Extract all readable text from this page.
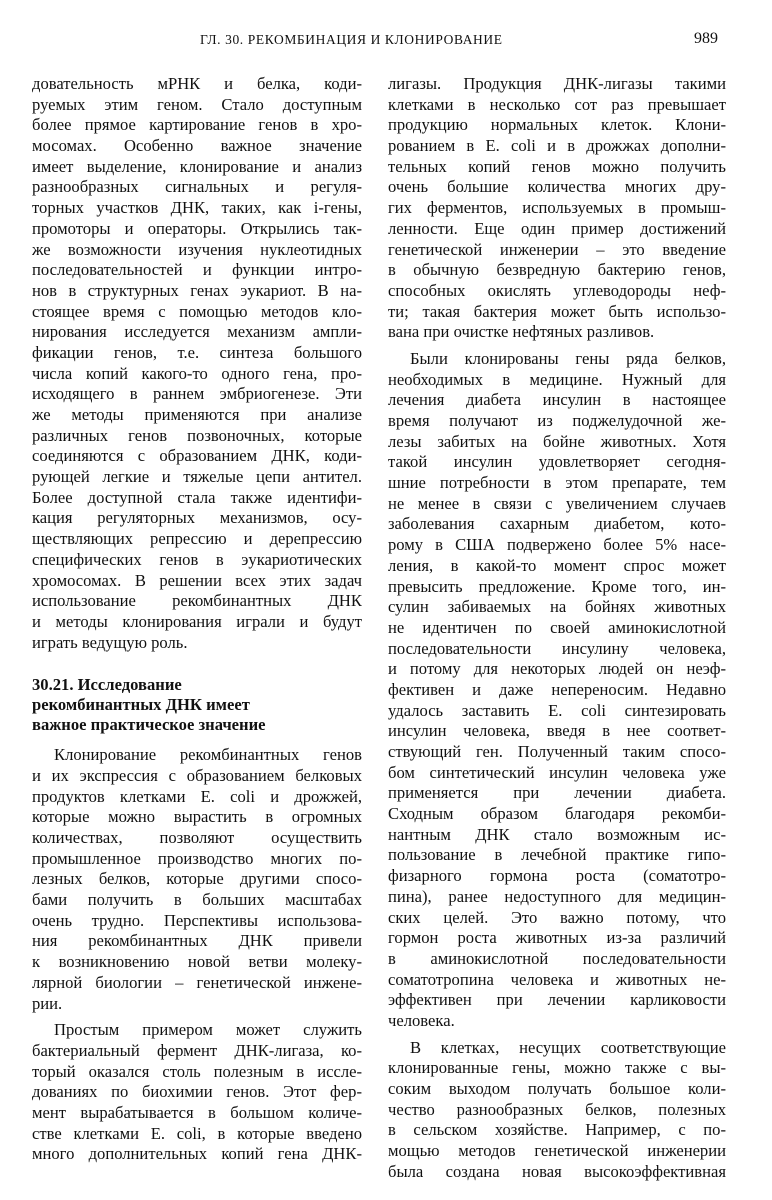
ГЛ. 30. РЕКОМБИНАЦИЯ И КЛОНИРОВАНИЕ	989
довательность мРНК и белка, коди-
руемых этим геном. Стало доступным
более прямое картирование генов в хро-
мосомах. Особенно важное значение
имеет выделение, клонирование и анализ
разнообразных сигнальных и регуля-
торных участков ДНК, таких, как i-гены,
промоторы и операторы. Открылись так-
же возможности изучения нуклеотидных
последовательностей и функции интро-
нов в структурных генах эукариот. В на-
стоящее время с помощью методов кло-
нирования исследуется механизм ампли-
фикации генов, т.е. синтеза большого
числа копий какого-то одного гена, про-
исходящего в раннем эмбриогенезе. Эти
же методы применяются при анализе
различных генов позвоночных, которые
соединяются с образованием ДНК, коди-
рующей легкие и тяжелые цепи антител.
Более доступной стала также идентифи-
кация регуляторных механизмов, осу-
ществляющих репрессию и дерепрессию
специфических генов в эукариотических
хромосомах. В решении всех этих задач
использование рекомбинантных ДНК
и методы клонирования играли и будут
играть ведущую роль.
30.21. Исследование
рекомбинантных ДНК имеет
важное практическое значение
Клонирование рекомбинантных генов
и их экспрессия с образованием белковых
продуктов клетками E. coli и дрожжей,
которые можно вырастить в огромных
количествах, позволяют осуществить
промышленное производство многих по-
лезных белков, которые другими спосо-
бами получить в больших масштабах
очень трудно. Перспективы использова-
ния рекомбинантных ДНК привели
к возникновению новой ветви молеку-
лярной биологии – генетической инжене-
рии.
Простым примером может служить
бактериальный фермент ДНК-лигаза, ко-
торый оказался столь полезным в иссле-
дованиях по биохимии генов. Этот фер-
мент вырабатывается в большом количе-
стве клетками E. coli, в которые введено
много дополнительных копий гена ДНК-
лигазы. Продукция ДНК-лигазы такими
клетками в несколько сот раз превышает
продукцию нормальных клеток. Клони-
рованием в E. coli и в дрожжах дополни-
тельных копий генов можно получить
очень большие количества многих дру-
гих ферментов, используемых в промыш-
ленности. Еще один пример достижений
генетической инженерии – это введение
в обычную безвредную бактерию генов,
способных окислять углеводороды неф-
ти; такая бактерия может быть использо-
вана при очистке нефтяных разливов.
Были клонированы гены ряда белков,
необходимых в медицине. Нужный для
лечения диабета инсулин в настоящее
время получают из поджелудочной же-
лезы забитых на бойне животных. Хотя
такой инсулин удовлетворяет сегодня-
шние потребности в этом препарате, тем
не менее в связи с увеличением случаев
заболевания сахарным диабетом, кото-
рому в США подвержено более 5% насе-
ления, в какой-то момент спрос может
превысить предложение. Кроме того, ин-
сулин забиваемых на бойнях животных
не идентичен по своей аминокислотной
последовательности инсулину человека,
и потому для некоторых людей он неэф-
фективен и даже непереносим. Недавно
удалось заставить E. coli синтезировать
инсулин человека, введя в нее соответ-
ствующий ген. Полученный таким спосо-
бом синтетический инсулин человека уже
применяется при лечении диабета.
Сходным образом благодаря рекомби-
нантным ДНК стало возможным ис-
пользование в лечебной практике гипо-
физарного гормона роста (соматотро-
пина), ранее недоступного для медицин-
ских целей. Это важно потому, что
гормон роста животных из-за различий
в аминокислотной последовательности
соматотропина человека и животных не-
эффективен при лечении карликовости
человека.
В клетках, несущих соответствующие
клонированные гены, можно также с вы-
соким выходом получать большое коли-
чество разнообразных белков, полезных
в сельском хозяйстве. Например, с по-
мощью методов генетической инженерии
была создана новая высокоэффективная
